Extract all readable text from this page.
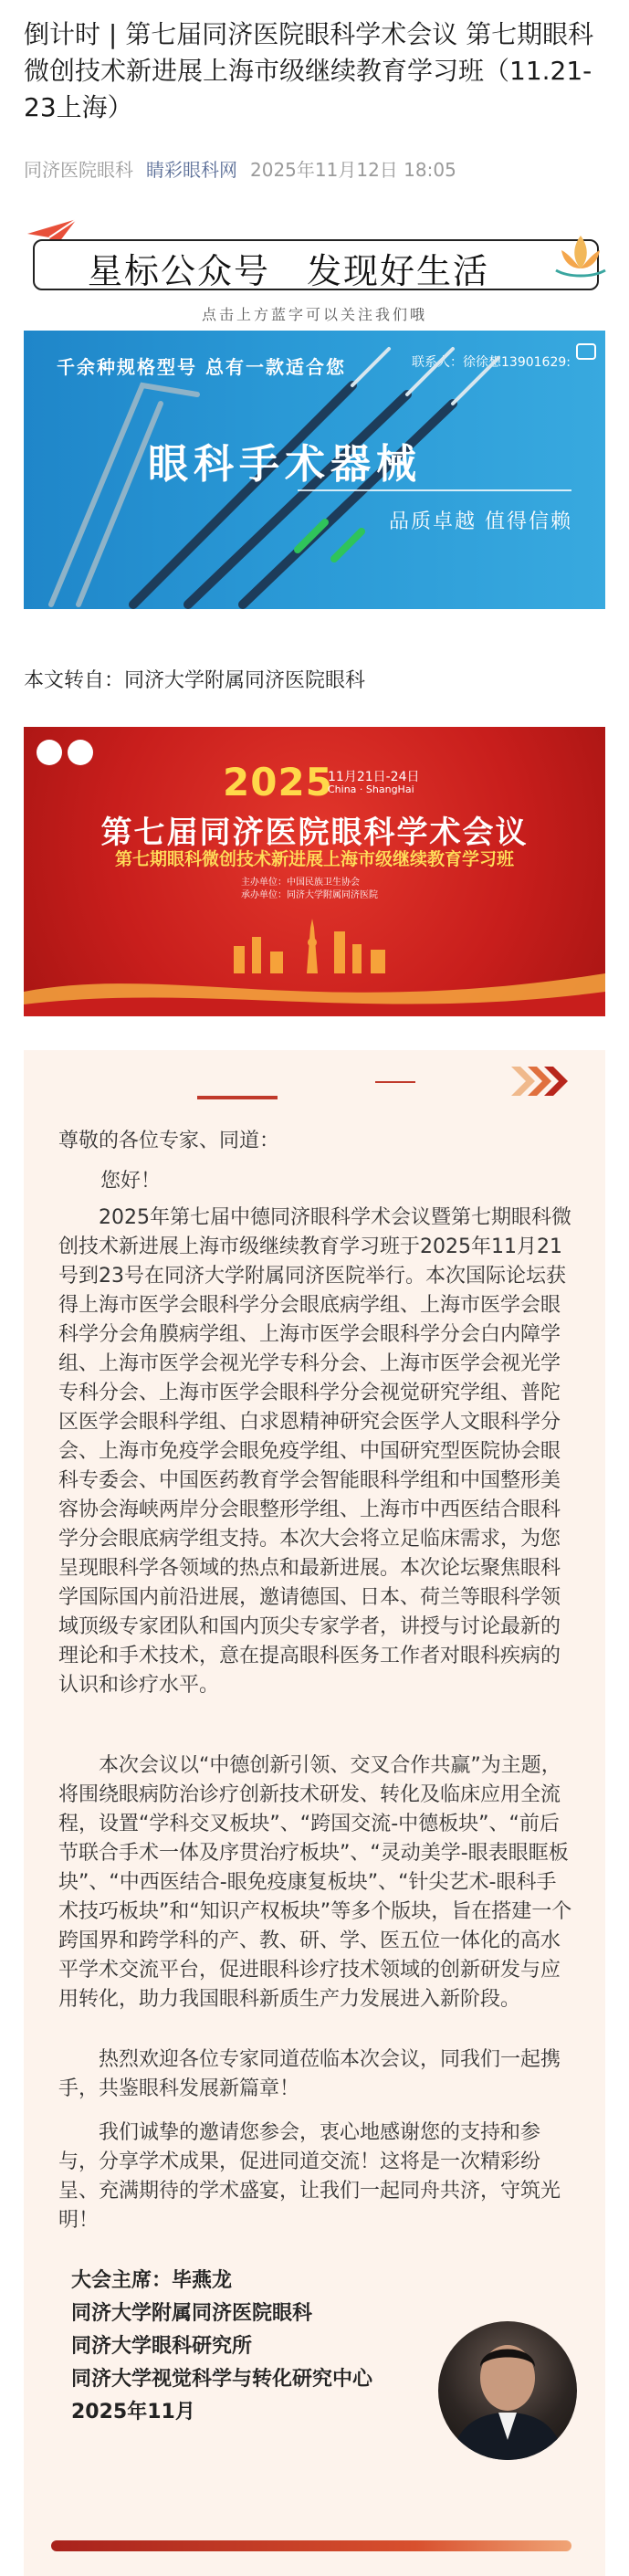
倒计时 | 第七届同济医院眼科学术会议 第七期眼科微创技术新进展上海市级继续教育学习班（11.21-23上海）
同济医院眼科 睛彩眼科网 2025年11月12日 18:05
星标公众号　发现好生活
点击上方蓝字可以关注我们哦
千余种规格型号 总有一款适合您	联系人：徐徐想13901629:
眼科手术器械
品质卓越 值得信赖

本文转自：同济大学附属同济医院眼科

2025
11月21日-24日
China · ShangHai
第七届同济医院眼科学术会议
第七期眼科微创技术新进展上海市级继续教育学习班
主办单位：中国民族卫生协会
承办单位：同济大学附属同济医院

尊敬的各位专家、同道：

您好！

2025年第七届中德同济眼科学术会议暨第七期眼科微创技术新进展上海市级继续教育学习班于2025年11月21号到23号在同济大学附属同济医院举行。本次国际论坛获得上海市医学会眼科学分会眼底病学组、上海市医学会眼科学分会角膜病学组、上海市医学会眼科学分会白内障学组、上海市医学会视光学专科分会、上海市医学会视光学专科分会、上海市医学会眼科学分会视觉研究学组、普陀区医学会眼科学组、白求恩精神研究会医学人文眼科学分会、上海市免疫学会眼免疫学组、中国研究型医院协会眼科专委会、中国医药教育学会智能眼科学组和中国整形美容协会海峡两岸分会眼整形学组、上海市中西医结合眼科学分会眼底病学组支持。本次大会将立足临床需求，为您呈现眼科学各领域的热点和最新进展。本次论坛聚焦眼科学国际国内前沿进展，邀请德国、日本、荷兰等眼科学领域顶级专家团队和国内顶尖专家学者，讲授与讨论最新的理论和手术技术，意在提高眼科医务工作者对眼科疾病的认识和诊疗水平。

本次会议以“中德创新引领、交叉合作共赢”为主题，将围绕眼病防治诊疗创新技术研发、转化及临床应用全流程，设置“学科交叉板块”、“跨国交流-中德板块”、“前后节联合手术一体及序贯治疗板块”、“灵动美学-眼表眼眶板块”、“中西医结合-眼免疫康复板块”、“针尖艺术-眼科手术技巧板块”和“知识产权板块”等多个版块，旨在搭建一个跨国界和跨学科的产、教、研、学、医五位一体化的高水平学术交流平台，促进眼科诊疗技术领域的创新研发与应用转化，助力我国眼科新质生产力发展进入新阶段。

热烈欢迎各位专家同道莅临本次会议，同我们一起携手，共鉴眼科发展新篇章！

我们诚挚的邀请您参会，衷心地感谢您的支持和参与，分享学术成果，促进同道交流！这将是一次精彩纷呈、充满期待的学术盛宴，让我们一起同舟共济，守筑光明！

大会主席：毕燕龙
同济大学附属同济医院眼科
同济大学眼科研究所
同济大学视觉科学与转化研究中心
2025年11月
